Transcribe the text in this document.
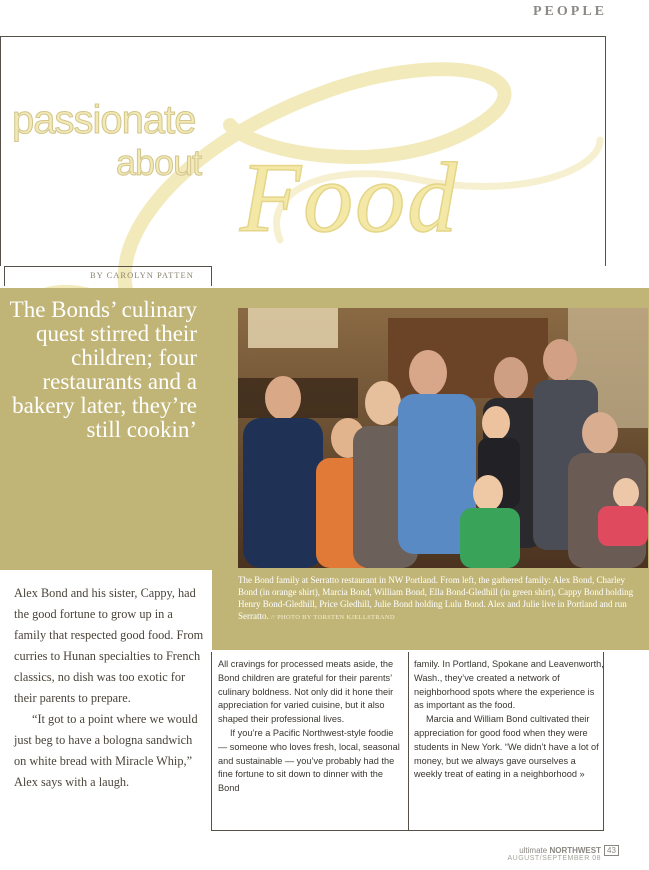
PEOPLE
passionate
about Food
BY CAROLYN PATTEN
The Bonds’ culinary quest stirred their children; four restaurants and a bakery later, they’re still cookin’
The Bond family at Serratto restaurant in NW Portland. From left, the gathered family: Alex Bond, Charley Bond (in orange shirt), Marcia Bond, William Bond, Ella Bond-Gledhill (in green shirt), Cappy Bond holding Henry Bond-Gledhill, Price Gledhill, Julie Bond holding Lulu Bond. Alex and Julie live in Portland and run Serratto. // PHOTO BY TORSTEN KJELLSTRAND

Alex Bond and his sister, Cappy, had the good fortune to grow up in a family that respected good food. From curries to Hunan specialties to French classics, no dish was too exotic for their parents to prepare.

“It got to a point where we would just beg to have a bologna sandwich on white bread with Miracle Whip,” Alex says with a laugh.

All cravings for processed meats aside, the Bond children are grateful for their parents’ culinary boldness. Not only did it hone their appreciation for varied cuisine, but it also shaped their professional lives.

If you’re a Pacific Northwest-style foodie — someone who loves fresh, local, seasonal and sustainable — you’ve probably had the fine fortune to sit down to dinner with the Bond

family. In Portland, Spokane and Leavenworth, Wash., they’ve created a network of neighborhood spots where the experience is as important as the food.

Marcia and William Bond cultivated their appreciation for good food when they were students in New York. “We didn’t have a lot of money, but we always gave ourselves a weekly treat of eating in a neighborhood »

ultimate NORTHWEST
AUGUST/SEPTEMBER 08
43
